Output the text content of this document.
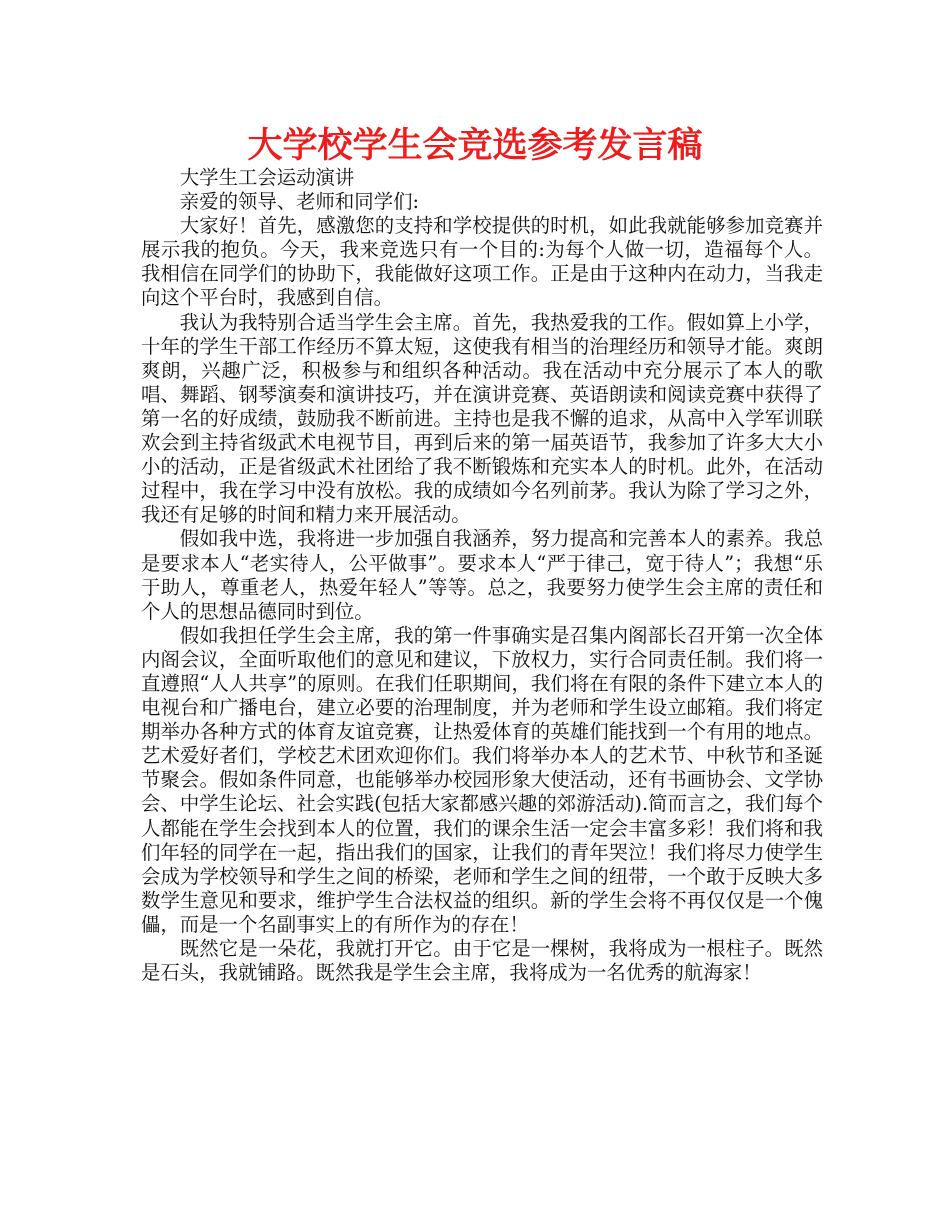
大学校学生会竞选参考发言稿

大学生工会运动演讲

亲爱的领导、老师和同学们:

大家好！首先，感激您的支持和学校提供的时机，如此我就能够参加竞赛并展示我的抱负。今天，我来竞选只有一个目的:为每个人做一切，造福每个人。我相信在同学们的协助下，我能做好这项工作。正是由于这种内在动力，当我走向这个平台时，我感到自信。

我认为我特别合适当学生会主席。首先，我热爱我的工作。假如算上小学，十年的学生干部工作经历不算太短，这使我有相当的治理经历和领导才能。爽朗爽朗，兴趣广泛，积极参与和组织各种活动。我在活动中充分展示了本人的歌唱、舞蹈、钢琴演奏和演讲技巧，并在演讲竞赛、英语朗读和阅读竞赛中获得了第一名的好成绩，鼓励我不断前进。主持也是我不懈的追求，从高中入学军训联欢会到主持省级武术电视节目，再到后来的第一届英语节，我参加了许多大大小小的活动，正是省级武术社团给了我不断锻炼和充实本人的时机。此外，在活动过程中，我在学习中没有放松。我的成绩如今名列前茅。我认为除了学习之外，我还有足够的时间和精力来开展活动。

假如我中选，我将进一步加强自我涵养，努力提高和完善本人的素养。我总是要求本人“老实待人，公平做事”。要求本人“严于律己，宽于待人”；我想“乐于助人，尊重老人，热爱年轻人”等等。总之，我要努力使学生会主席的责任和个人的思想品德同时到位。

假如我担任学生会主席，我的第一件事确实是召集内阁部长召开第一次全体内阁会议，全面听取他们的意见和建议，下放权力，实行合同责任制。我们将一直遵照“人人共享”的原则。在我们任职期间，我们将在有限的条件下建立本人的电视台和广播电台，建立必要的治理制度，并为老师和学生设立邮箱。我们将定期举办各种方式的体育友谊竞赛，让热爱体育的英雄们能找到一个有用的地点。艺术爱好者们，学校艺术团欢迎你们。我们将举办本人的艺术节、中秋节和圣诞节聚会。假如条件同意，也能够举办校园形象大使活动，还有书画协会、文学协会、中学生论坛、社会实践(包括大家都感兴趣的郊游活动).简而言之，我们每个人都能在学生会找到本人的位置，我们的课余生活一定会丰富多彩！我们将和我们年轻的同学在一起，指出我们的国家，让我们的青年哭泣！我们将尽力使学生会成为学校领导和学生之间的桥梁，老师和学生之间的纽带，一个敢于反映大多数学生意见和要求，维护学生合法权益的组织。新的学生会将不再仅仅是一个傀儡，而是一个名副事实上的有所作为的存在！

既然它是一朵花，我就打开它。由于它是一棵树，我将成为一根柱子。既然是石头，我就铺路。既然我是学生会主席，我将成为一名优秀的航海家！
